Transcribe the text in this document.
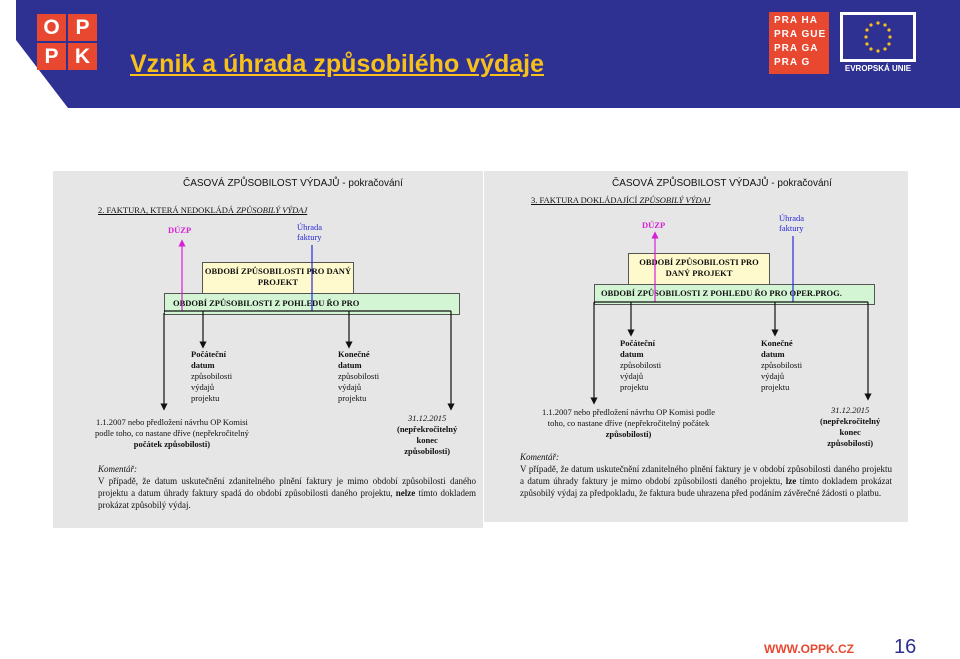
O P
P K Vznik a úhrada způsobilého výdaje
PRA HA
PRA GUE
PRA GA
PRA G
EVROPSKÁ UNIE
ČASOVÁ ZPŮSOBILOST VÝDAJŮ - pokračování
2. FAKTURA, KTERÁ NEDOKLÁDÁ ZPŮSOBILÝ VÝDAJ
DÚZP	Úhrada
faktury
OBDOBÍ ZPŮSOBILOSTI PRO DANÝ PROJEKT
OBDOBÍ ZPŮSOBILOSTI Z POHLEDU ŘO PRO
Počáteční
datum
způsobilosti
výdajů
projektu
Konečné
datum
způsobilosti
výdajů
projektu
1.1.2007 nebo předložení návrhu OP Komisi
podle toho, co nastane dříve (nepřekročitelný
počátek způsobilosti)
31.12.2015
(nepřekročitelný
konec
způsobilosti)
Komentář:
V případě, že datum uskutečnění zdanitelného plnění faktury je mimo období způsobilosti daného projektu a datum úhrady faktury spadá do období způsobilosti daného projektu, nelze tímto dokladem prokázat způsobilý výdaj.
ČASOVÁ ZPŮSOBILOST VÝDAJŮ - pokračování
3. FAKTURA DOKLÁDAJÍCÍ ZPŮSOBILÝ VÝDAJ
DÚZP
Úhrada
faktury
OBDOBÍ ZPŮSOBILOSTI PRO DANÝ PROJEKT
OBDOBÍ ZPŮSOBILOSTI Z POHLEDU ŘO PRO OPER.PROG.
Počáteční
datum
způsobilosti
výdajů
projektu
Konečné
datum
způsobilosti
výdajů
projektu
1.1.2007 nebo předložení návrhu OP Komisi podle
toho, co nastane dříve (nepřekročitelný počátek
způsobilosti)
31.12.2015
(nepřekročitelný
konec
způsobilosti)
Komentář:
V případě, že datum uskutečnění zdanitelného plnění faktury je v období způsobilosti daného projektu a datum úhrady faktury je mimo období způsobilosti daného projektu, lze tímto dokladem prokázat způsobilý výdaj za předpokladu, že faktura bude uhrazena před podáním závěrečné žádosti o platbu.
WWW.OPPK.CZ 16
